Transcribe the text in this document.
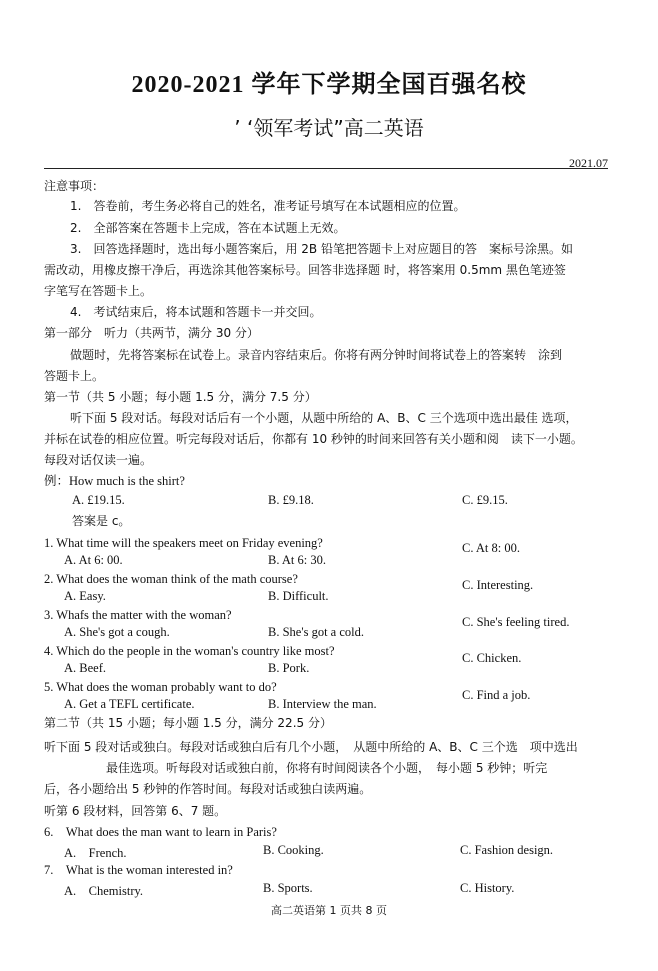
2020-2021 学年下学期全国百强名校
’ ‘领军考试”高二英语
2021.07
注意事项：
1.　答卷前，考生务必将自己的姓名，准考证号填写在本试题相应的位置。
2.　全部答案在答题卡上完成，答在本试题上无效。
3.　回答选择题时，选出每小题答案后，用 2B 铅笔把答题卡上对应题目的答　案标号涂黑。如
需改动，用橡皮擦干净后，再选涂其他答案标号。回答非选择题 时，将答案用 0.5mm 黑色笔迹签
字笔写在答题卡上。
4.　考试结束后，将本试题和答题卡一并交回。
第一部分　听力（共两节，满分 30 分）
做题时，先将答案标在试卷上。录音内容结束后。你将有两分钟时间将试卷上的答案转　涂到
答题卡上。
第一节（共 5 小题；每小题 1.5 分，满分 7.5 分）
听下面 5 段对话。每段对话后有一个小题，从题中所给的 A、B、C 三个选项中选出最佳 选项，
并标在试卷的相应位置。听完每段对话后，你都有 10 秒钟的时间来回答有关小题和阅　读下一小题。
每段对话仅读一遍。
例：How much is the shirt?
A. £19.15.	B. £9.18.	C. £9.15.
答案是 c。
1. What time will the speakers meet on Friday evening?
A. At 6: 00.	B. At 6: 30.
C. At 8: 00.
2. What does the woman think of the math course?
A. Easy.	B. Difficult.
C. Interesting.
3. Whafs the matter with the woman?
A. She's got a cough.	B. She's got a cold.
C. She's feeling tired.
4. Which do the people in the woman's country like most?
A. Beef.	B. Pork.
C. Chicken.
5. What does the woman probably want to do?
A. Get a TEFL certificate.	B. Interview the man.
C. Find a job.
第二节（共 15 小题；每小题 1.5 分，满分 22.5 分）
听下面 5 段对话或独白。每段对话或独白后有几个小题，　从题中所给的 A、B、C 三个选　项中选出
最佳选项。听每段对话或独白前，你将有时间阅读各个小题，　每小题 5 秒钟；听完
后，各小题给出 5 秒钟的作答时间。每段对话或独白读两遍。
听第 6 段材料，回答第 6、7 题。
6.　What does the man want to learn in Paris?
A.　French.	B. Cooking.	C. Fashion design.
7.　What is the woman interested in?
A.　Chemistry.	B. Sports.	C. History.
高二英语第 1 页共 8 页
